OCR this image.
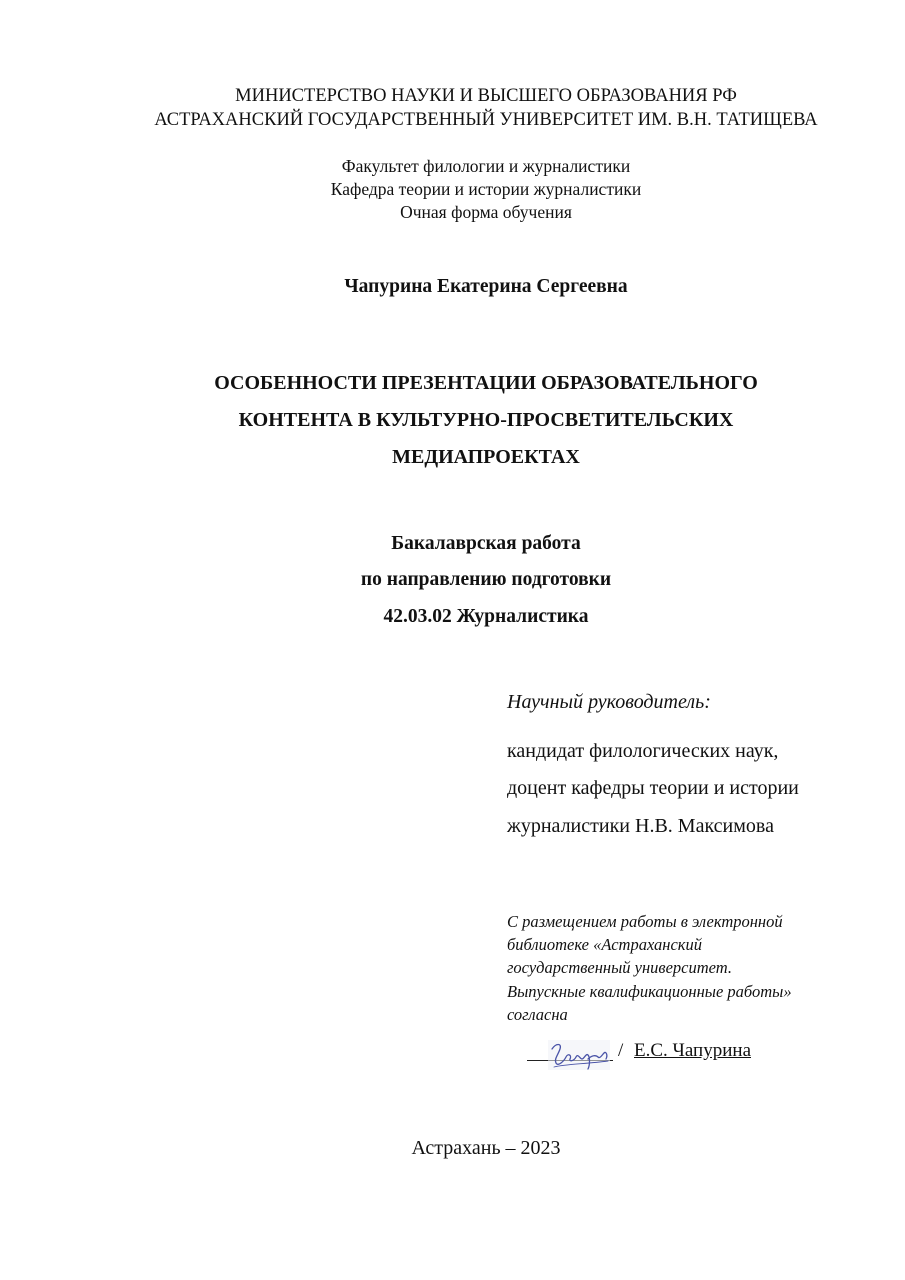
МИНИСТЕРСТВО НАУКИ И ВЫСШЕГО ОБРАЗОВАНИЯ РФ
АСТРАХАНСКИЙ ГОСУДАРСТВЕННЫЙ УНИВЕРСИТЕТ ИМ. В.Н. ТАТИЩЕВА
Факультет филологии и журналистики
Кафедра теории и истории журналистики
Очная форма обучения
Чапурина Екатерина Сергеевна
ОСОБЕННОСТИ ПРЕЗЕНТАЦИИ ОБРАЗОВАТЕЛЬНОГО
КОНТЕНТА В КУЛЬТУРНО-ПРОСВЕТИТЕЛЬСКИХ
МЕДИАПРОЕКТАХ
Бакалаврская работа
по направлению подготовки
42.03.02 Журналистика
Научный руководитель:
кандидат филологических наук,
доцент кафедры теории и истории
журналистики Н.В. Максимова
С размещением работы в электронной
библиотеке «Астраханский
государственный университет.
Выпускные квалификационные работы»
согласна
/ Е.С. Чапурина
Астрахань – 2023
